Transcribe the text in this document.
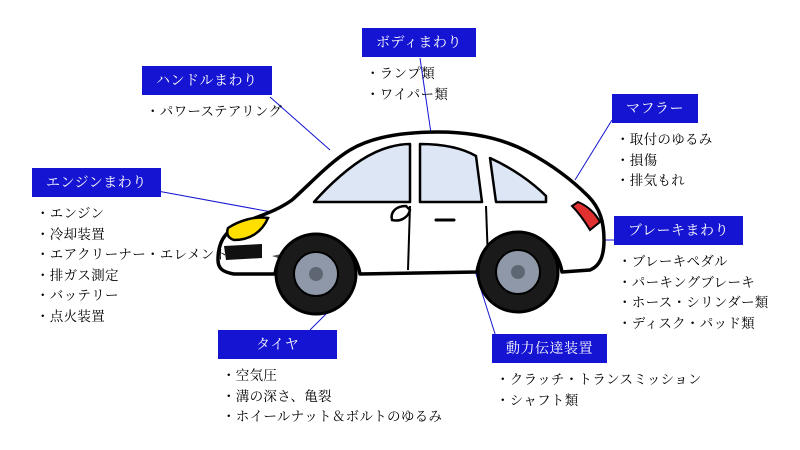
ボディまわり
・ランプ類
・ワイパー類
ハンドルまわり
・パワーステアリング	マフラー
・取付のゆるみ
・損傷
・排気もれ
エンジンまわり
・エンジン
・冷却装置
・エアクリーナー・エレメント
・排ガス測定
・バッテリー
・点火装置
ブレーキまわり
・ブレーキペダル
・パーキングブレーキ
・ホース・シリンダー類
・ディスク・パッド類
タイヤ
・空気圧
・溝の深さ、亀裂
・ホイールナット＆ボルトのゆるみ
動力伝達装置
・クラッチ・トランスミッション
・シャフト類
